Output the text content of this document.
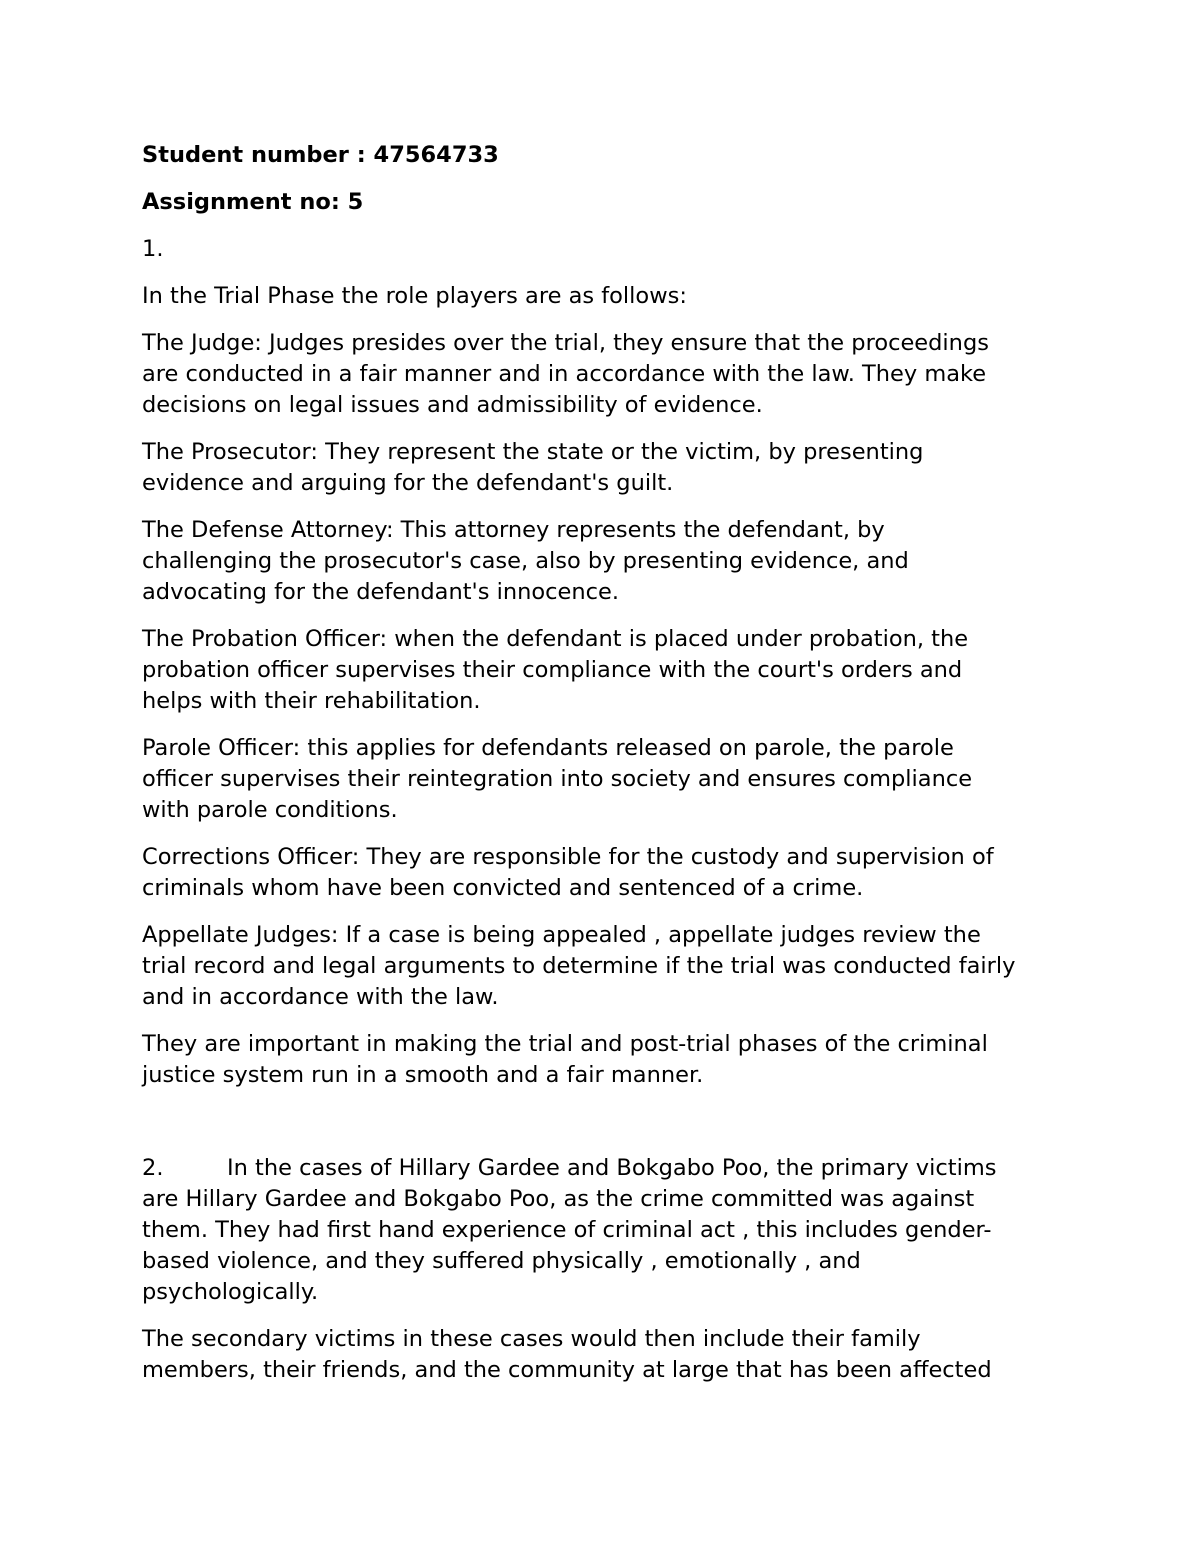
Student number : 47564733

Assignment no: 5

1.

In the Trial Phase the role players are as follows:

The Judge: Judges presides over the trial, they ensure that the proceedings
are conducted in a fair manner and in accordance with the law. They make
decisions on legal issues and admissibility of evidence.

The Prosecutor: They represent the state or the victim, by presenting
evidence and arguing for the defendant's guilt.

The Defense Attorney: This attorney represents the defendant, by
challenging the prosecutor's case, also by presenting evidence, and
advocating for the defendant's innocence.

The Probation Officer: when the defendant is placed under probation, the
probation officer supervises their compliance with the court's orders and
helps with their rehabilitation.

Parole Officer: this applies for defendants released on parole, the parole
officer supervises their reintegration into society and ensures compliance
with parole conditions.

Corrections Officer: They are responsible for the custody and supervision of
criminals whom have been convicted and sentenced of a crime.

Appellate Judges: If a case is being appealed , appellate judges review the
trial record and legal arguments to determine if the trial was conducted fairly
and in accordance with the law.

They are important in making the trial and post-trial phases of the criminal
justice system run in a smooth and a fair manner.

2.	In the cases of Hillary Gardee and Bokgabo Poo, the primary victims
are Hillary Gardee and Bokgabo Poo, as the crime committed was against
them. They had first hand experience of criminal act , this includes gender-
based violence, and they suffered physically , emotionally , and
psychologically.

The secondary victims in these cases would then include their family
members, their friends, and the community at large that has been affected
